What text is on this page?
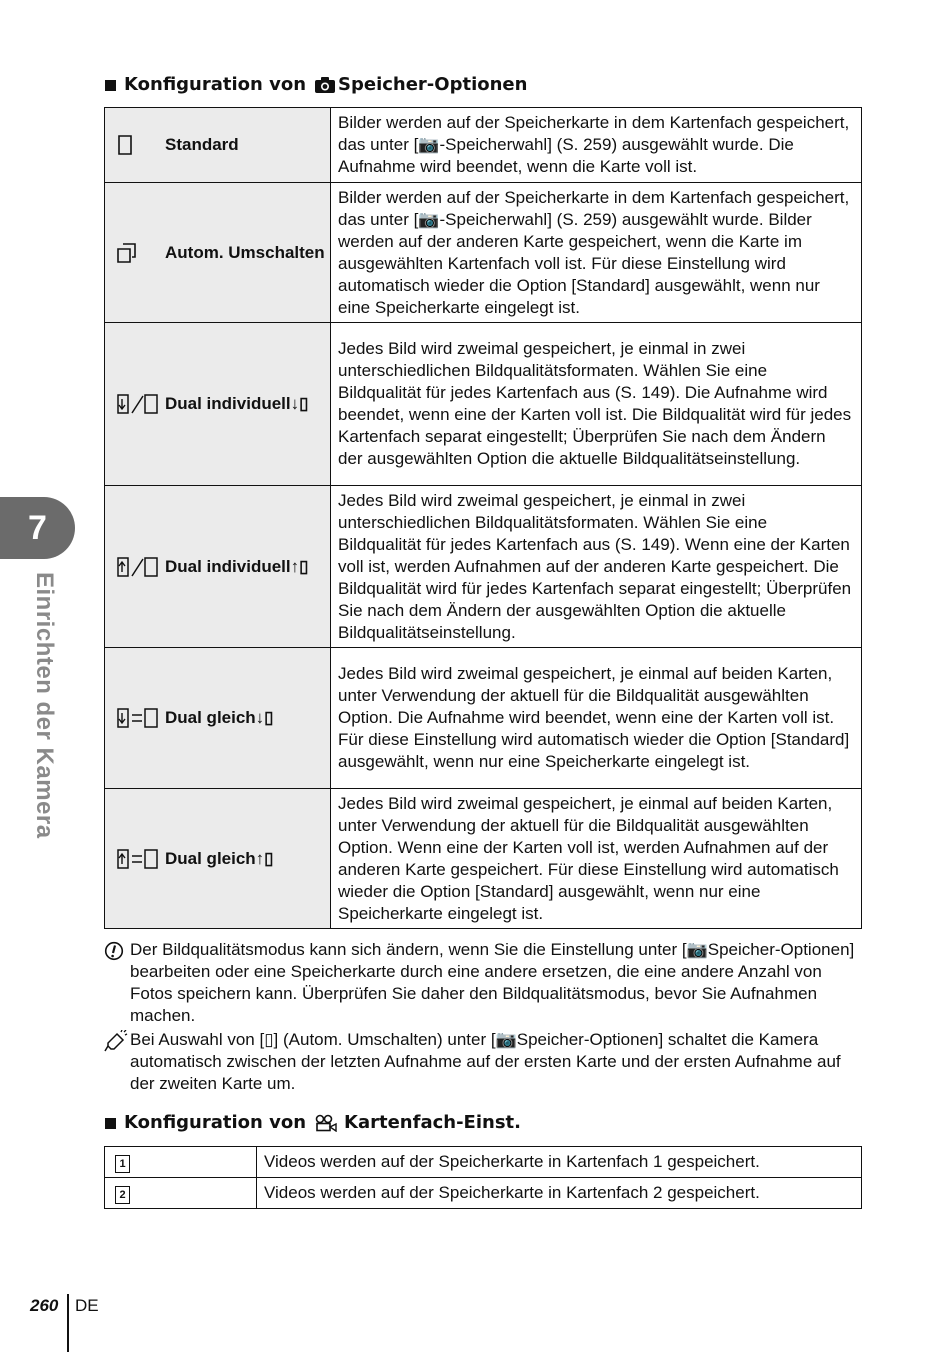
Konfiguration von Speicher-Optionen
Standard	Bilder werden auf der Speicherkarte in dem Kartenfach gespeichert, das unter [📷-Speicherwahl] (S. 259) ausgewählt wurde. Die Aufnahme wird beendet, wenn die Karte voll ist.

Autom. Umschalten	Bilder werden auf der Speicherkarte in dem Kartenfach gespeichert, das unter [📷-Speicherwahl] (S. 259) ausgewählt wurde. Bilder werden auf der anderen Karte gespeichert, wenn die Karte im ausgewählten Kartenfach voll ist. Für diese Einstellung wird automatisch wieder die Option [Standard] ausgewählt, wenn nur eine Speicherkarte eingelegt ist.

Dual individuell↓▯	Jedes Bild wird zweimal gespeichert, je einmal in zwei unterschiedlichen Bildqualitätsformaten. Wählen Sie eine Bildqualität für jedes Kartenfach aus (S. 149). Die Aufnahme wird beendet, wenn eine der Karten voll ist. Die Bildqualität wird für jedes Kartenfach separat eingestellt; Überprüfen Sie nach dem Ändern der ausgewählten Option die aktuelle Bildqualitätseinstellung.

Dual individuell↑▯	Jedes Bild wird zweimal gespeichert, je einmal in zwei unterschiedlichen Bildqualitätsformaten. Wählen Sie eine Bildqualität für jedes Kartenfach aus (S. 149). Wenn eine der Karten voll ist, werden Aufnahmen auf der anderen Karte gespeichert. Die Bildqualität wird für jedes Kartenfach separat eingestellt; Überprüfen Sie nach dem Ändern der ausgewählten Option die aktuelle Bildqualitätseinstellung.

Dual gleich↓▯	Jedes Bild wird zweimal gespeichert, je einmal auf beiden Karten, unter Verwendung der aktuell für die Bildqualität ausgewählten Option. Die Aufnahme wird beendet, wenn eine der Karten voll ist. Für diese Einstellung wird automatisch wieder die Option [Standard] ausgewählt, wenn nur eine Speicherkarte eingelegt ist.

Dual gleich↑▯	Jedes Bild wird zweimal gespeichert, je einmal auf beiden Karten, unter Verwendung der aktuell für die Bildqualität ausgewählten Option. Wenn eine der Karten voll ist, werden Aufnahmen auf der anderen Karte gespeichert. Für diese Einstellung wird automatisch wieder die Option [Standard] ausgewählt, wenn nur eine Speicherkarte eingelegt ist.
Der Bildqualitätsmodus kann sich ändern, wenn Sie die Einstellung unter [📷Speicher-Optionen] bearbeiten oder eine Speicherkarte durch eine andere ersetzen, die eine andere Anzahl von Fotos speichern kann. Überprüfen Sie daher den Bildqualitätsmodus, bevor Sie Aufnahmen machen.
Bei Auswahl von [▯] (Autom. Umschalten) unter [📷Speicher-Optionen] schaltet die Kamera automatisch zwischen der letzten Aufnahme auf der ersten Karte und der ersten Aufnahme auf der zweiten Karte um.
Konfiguration von Kartenfach-Einst.
1	Videos werden auf der Speicherkarte in Kartenfach 1 gespeichert.
2	Videos werden auf der Speicherkarte in Kartenfach 2 gespeichert.
7
Einrichten der Kamera
260 DE
